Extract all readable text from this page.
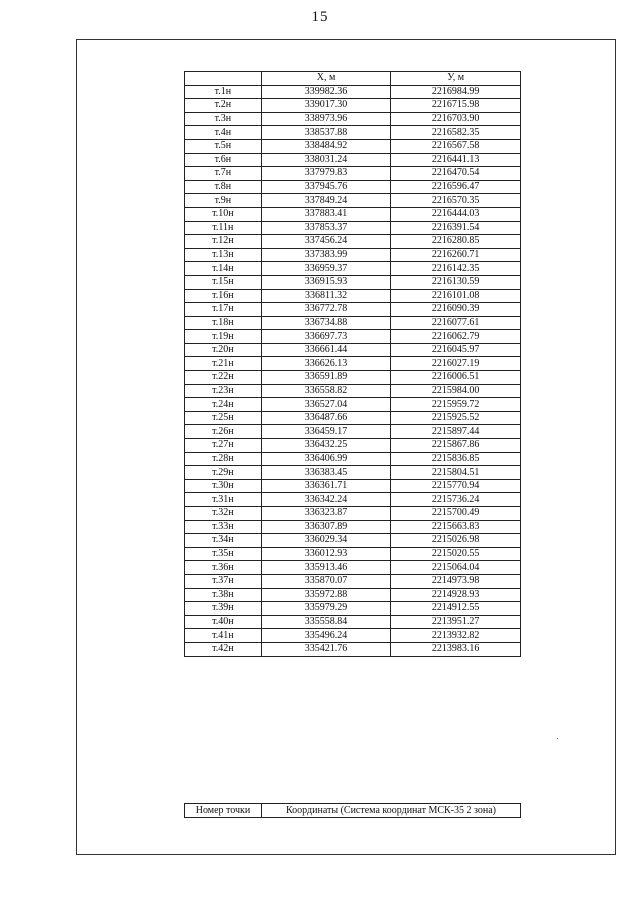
15
	X, м	У, м
т.1н	339982.36	2216984.99
т.2н	339017.30	2216715.98
т.3н	338973.96	2216703.90
т.4н	338537.88	2216582.35
т.5н	338484.92	2216567.58
т.6н	338031.24	2216441.13
т.7н	337979.83	2216470.54
т.8н	337945.76	2216596.47
т.9н	337849.24	2216570.35
т.10н	337883.41	2216444.03
т.11н	337853.37	2216391.54
т.12н	337456.24	2216280.85
т.13н	337383.99	2216260.71
т.14н	336959.37	2216142.35
т.15н	336915.93	2216130.59
т.16н	336811.32	2216101.08
т.17н	336772.78	2216090.39
т.18н	336734.88	2216077.61
т.19н	336697.73	2216062.79
т.20н	336661.44	2216045.97
т.21н	336626.13	2216027.19
т.22н	336591.89	2216006.51
т.23н	336558.82	2215984.00
т.24н	336527.04	2215959.72
т.25н	336487.66	2215925.52
т.26н	336459.17	2215897.44
т.27н	336432.25	2215867.86
т.28н	336406.99	2215836.85
т.29н	336383.45	2215804.51
т.30н	336361.71	2215770.94
т.31н	336342.24	2215736.24
т.32н	336323.87	2215700.49
т.33н	336307.89	2215663.83
т.34н	336029.34	2215026.98
т.35н	336012.93	2215020.55
т.36н	335913.46	2215064.04
т.37н	335870.07	2214973.98
т.38н	335972.88	2214928.93
т.39н	335979.29	2214912.55
т.40н	335558.84	2213951.27
т.41н	335496.24	2213932.82
т.42н	335421.76	2213983.16
Номер точки	Координаты (Система координат МСК-35 2 зона)
